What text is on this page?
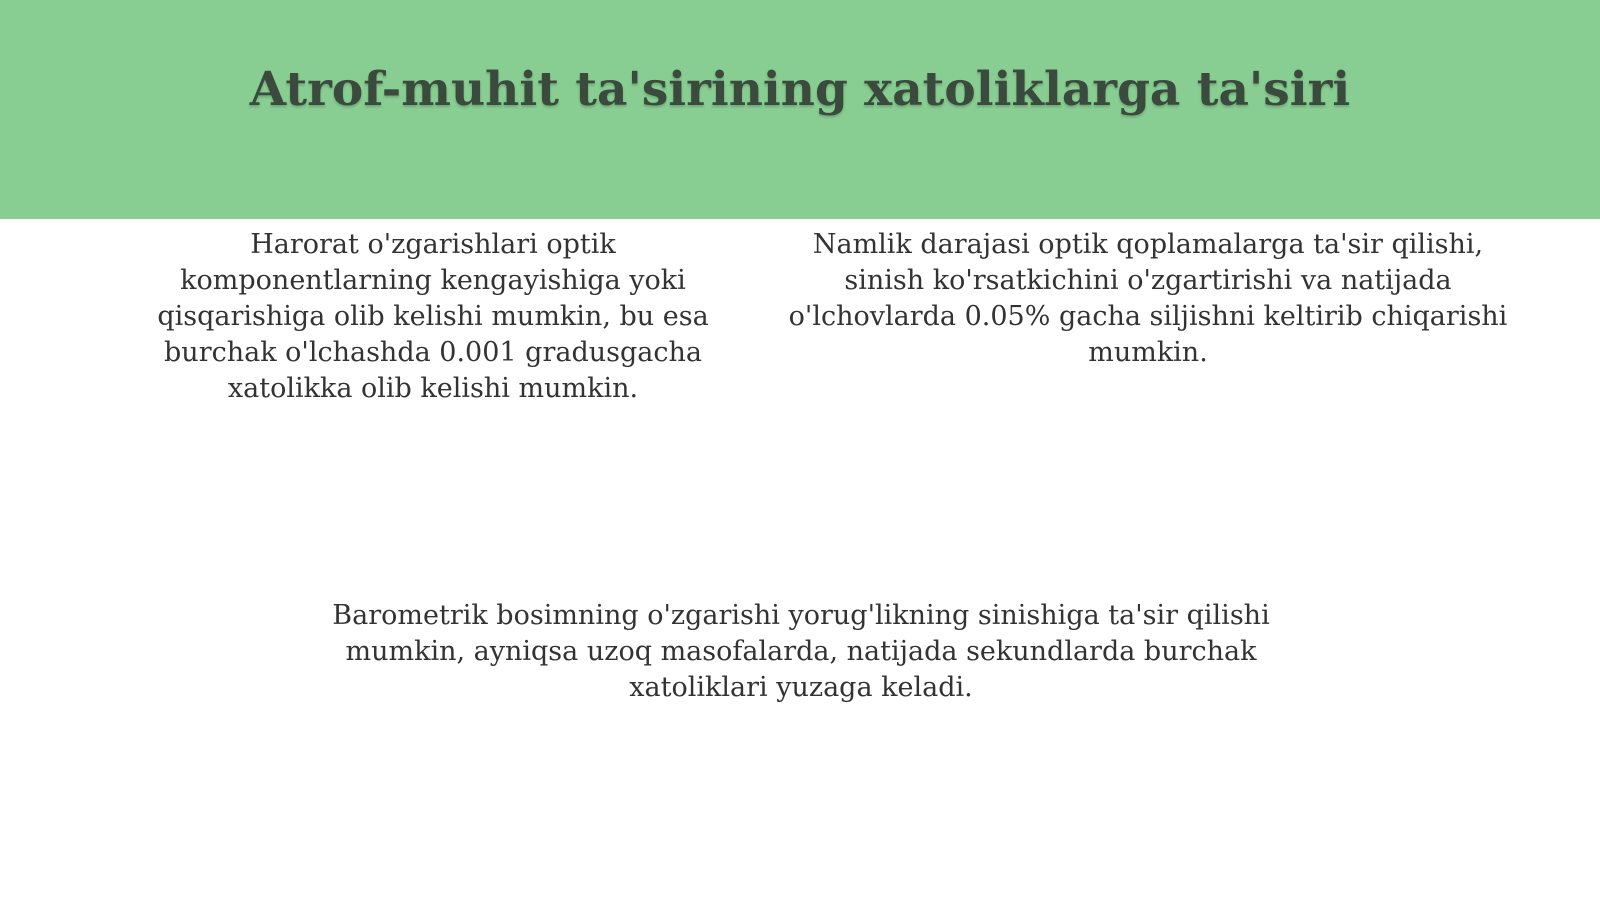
Atrof-muhit ta'sirining xatoliklarga ta'siri

Harorat o'zgarishlari optik komponentlarning kengayishiga yoki qisqarishiga olib kelishi mumkin, bu esa burchak o'lchashda 0.001 gradusgacha xatolikka olib kelishi mumkin.

Namlik darajasi optik qoplamalarga ta'sir qilishi, sinish ko'rsatkichini o'zgartirishi va natijada o'lchovlarda 0.05% gacha siljishni keltirib chiqarishi mumkin.

Barometrik bosimning o'zgarishi yorug'likning sinishiga ta'sir qilishi mumkin, ayniqsa uzoq masofalarda, natijada sekundlarda burchak xatoliklari yuzaga keladi.
